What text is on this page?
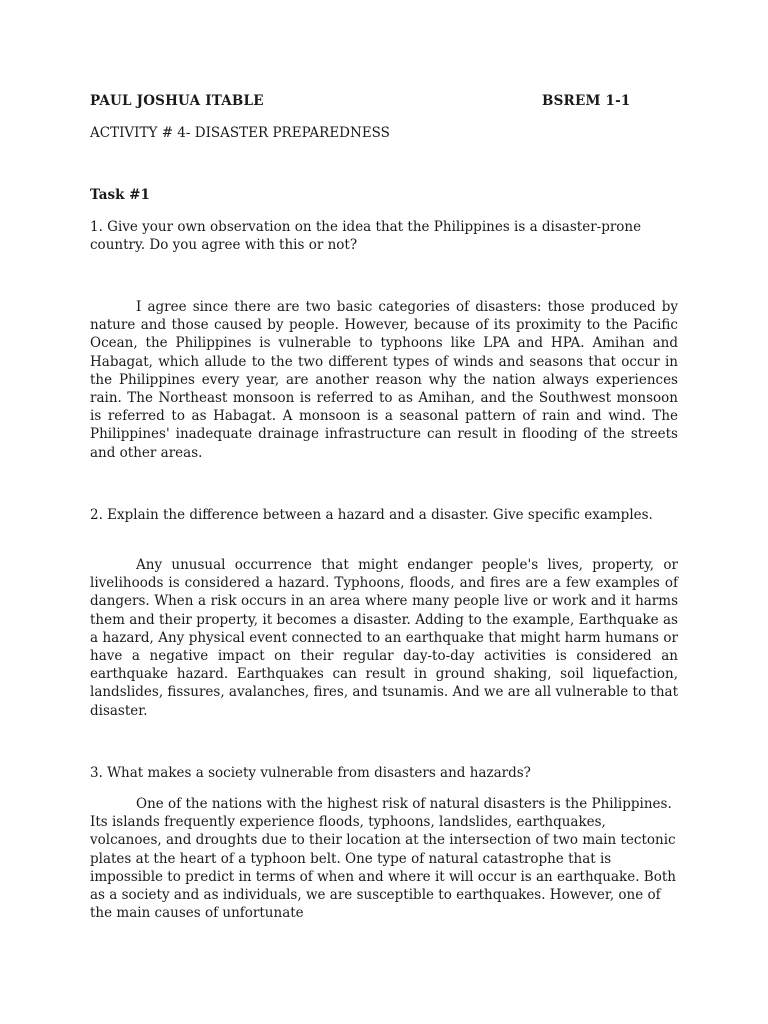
PAUL JOSHUA ITABLE	BSREM 1-1
ACTIVITY # 4- DISASTER PREPAREDNESS
Task #1
1. Give your own observation on the idea that the Philippines is a disaster-prone country. Do you agree with this or not?
I agree since there are two basic categories of disasters: those produced by nature and those caused by people. However, because of its proximity to the Pacific Ocean, the Philippines is vulnerable to typhoons like LPA and HPA. Amihan and Habagat, which allude to the two different types of winds and seasons that occur in the Philippines every year, are another reason why the nation always experiences rain. The Northeast monsoon is referred to as Amihan, and the Southwest monsoon is referred to as Habagat. A monsoon is a seasonal pattern of rain and wind. The Philippines' inadequate drainage infrastructure can result in flooding of the streets and other areas.
2. Explain the difference between a hazard and a disaster. Give specific examples.
Any unusual occurrence that might endanger people's lives, property, or livelihoods is considered a hazard. Typhoons, floods, and fires are a few examples of dangers. When a risk occurs in an area where many people live or work and it harms them and their property, it becomes a disaster. Adding to the example, Earthquake as a hazard, Any physical event connected to an earthquake that might harm humans or have a negative impact on their regular day-to-day activities is considered an earthquake hazard. Earthquakes can result in ground shaking, soil liquefaction, landslides, fissures, avalanches, fires, and tsunamis. And we are all vulnerable to that disaster.
3. What makes a society vulnerable from disasters and hazards?
One of the nations with the highest risk of natural disasters is the Philippines. Its islands frequently experience floods, typhoons, landslides, earthquakes, volcanoes, and droughts due to their location at the intersection of two main tectonic plates at the heart of a typhoon belt. One type of natural catastrophe that is impossible to predict in terms of when and where it will occur is an earthquake. Both as a society and as individuals, we are susceptible to earthquakes. However, one of the main causes of unfortunate
